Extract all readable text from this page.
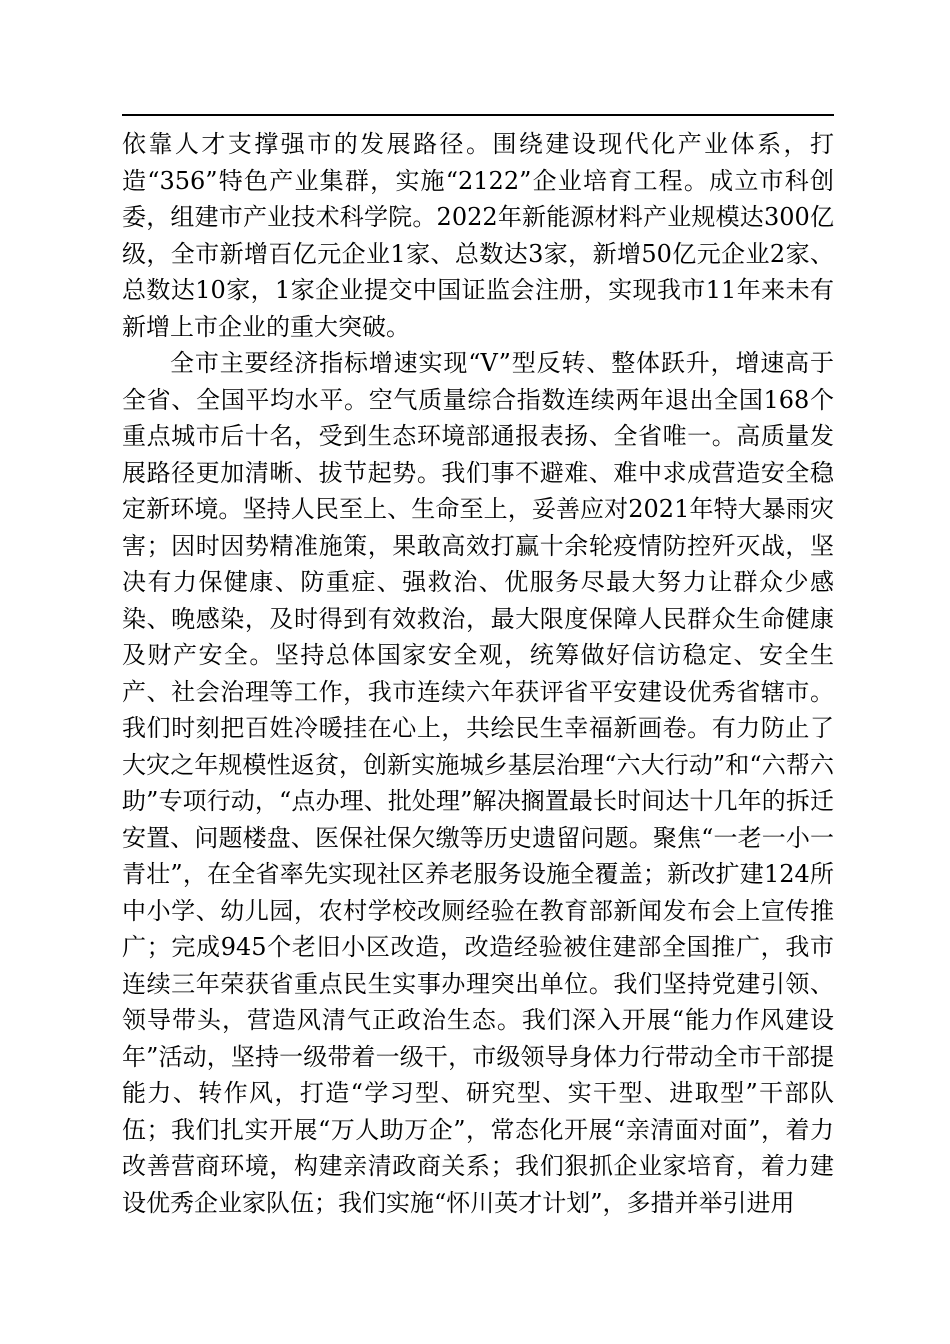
依靠人才支撑强市的发展路径。围绕建设现代化产业体系，打造“356”特色产业集群，实施“2122”企业培育工程。成立市科创委，组建市产业技术科学院。2022年新能源材料产业规模达300亿级，全市新增百亿元企业1家、总数达3家，新增50亿元企业2家、总数达10家，1家企业提交中国证监会注册，实现我市11年来未有新增上市企业的重大突破。

全市主要经济指标增速实现“V”型反转、整体跃升，增速高于全省、全国平均水平。空气质量综合指数连续两年退出全国168个重点城市后十名，受到生态环境部通报表扬、全省唯一。高质量发展路径更加清晰、拔节起势。我们事不避难、难中求成营造安全稳定新环境。坚持人民至上、生命至上，妥善应对2021年特大暴雨灾害；因时因势精准施策，果敢高效打赢十余轮疫情防控歼灭战，坚决有力保健康、防重症、强救治、优服务尽最大努力让群众少感染、晚感染，及时得到有效救治，最大限度保障人民群众生命健康及财产安全。坚持总体国家安全观，统筹做好信访稳定、安全生产、社会治理等工作，我市连续六年获评省平安建设优秀省辖市。我们时刻把百姓冷暖挂在心上，共绘民生幸福新画卷。有力防止了大灾之年规模性返贫，创新实施城乡基层治理“六大行动”和“六帮六助”专项行动，“点办理、批处理”解决搁置最长时间达十几年的拆迁安置、问题楼盘、医保社保欠缴等历史遗留问题。聚焦“一老一小一青壮”，在全省率先实现社区养老服务设施全覆盖；新改扩建124所中小学、幼儿园，农村学校改厕经验在教育部新闻发布会上宣传推广；完成945个老旧小区改造，改造经验被住建部全国推广，我市连续三年荣获省重点民生实事办理突出单位。我们坚持党建引领、领导带头，营造风清气正政治生态。我们深入开展“能力作风建设年”活动，坚持一级带着一级干，市级领导身体力行带动全市干部提能力、转作风，打造“学习型、研究型、实干型、进取型”干部队伍；我们扎实开展“万人助万企”，常态化开展“亲清面对面”，着力改善营商环境，构建亲清政商关系；我们狠抓企业家培育，着力建设优秀企业家队伍；我们实施“怀川英才计划”，多措并举引进用
